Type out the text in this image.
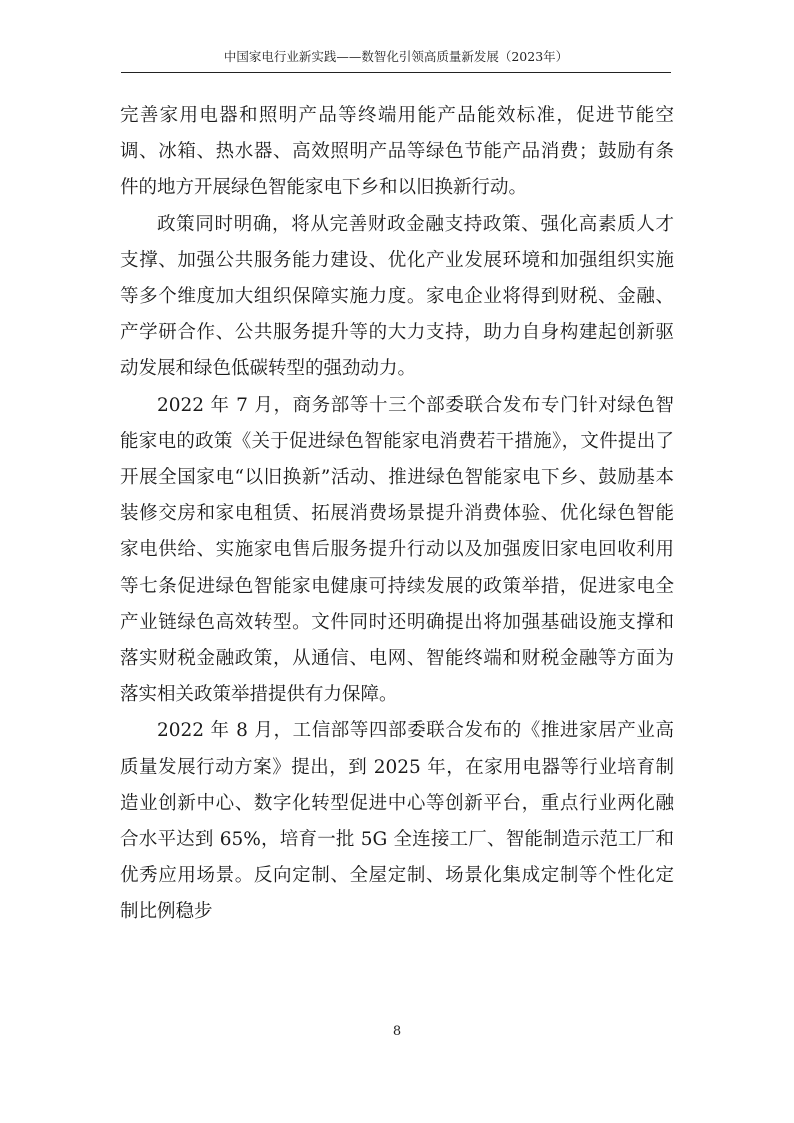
中国家电行业新实践——数智化引领高质量新发展（2023年）

完善家用电器和照明产品等终端用能产品能效标准，促进节能空调、冰箱、热水器、高效照明产品等绿色节能产品消费；鼓励有条件的地方开展绿色智能家电下乡和以旧换新行动。

政策同时明确，将从完善财政金融支持政策、强化高素质人才支撑、加强公共服务能力建设、优化产业发展环境和加强组织实施等多个维度加大组织保障实施力度。家电企业将得到财税、金融、产学研合作、公共服务提升等的大力支持，助力自身构建起创新驱动发展和绿色低碳转型的强劲动力。

2022 年 7 月，商务部等十三个部委联合发布专门针对绿色智能家电的政策《关于促进绿色智能家电消费若干措施》，文件提出了开展全国家电“以旧换新”活动、推进绿色智能家电下乡、鼓励基本装修交房和家电租赁、拓展消费场景提升消费体验、优化绿色智能家电供给、实施家电售后服务提升行动以及加强废旧家电回收利用等七条促进绿色智能家电健康可持续发展的政策举措，促进家电全产业链绿色高效转型。文件同时还明确提出将加强基础设施支撑和落实财税金融政策，从通信、电网、智能终端和财税金融等方面为落实相关政策举措提供有力保障。

2022 年 8 月，工信部等四部委联合发布的《推进家居产业高质量发展行动方案》提出，到 2025 年，在家用电器等行业培育制造业创新中心、数字化转型促进中心等创新平台，重点行业两化融合水平达到 65%，培育一批 5G 全连接工厂、智能制造示范工厂和优秀应用场景。反向定制、全屋定制、场景化集成定制等个性化定制比例稳步

8
